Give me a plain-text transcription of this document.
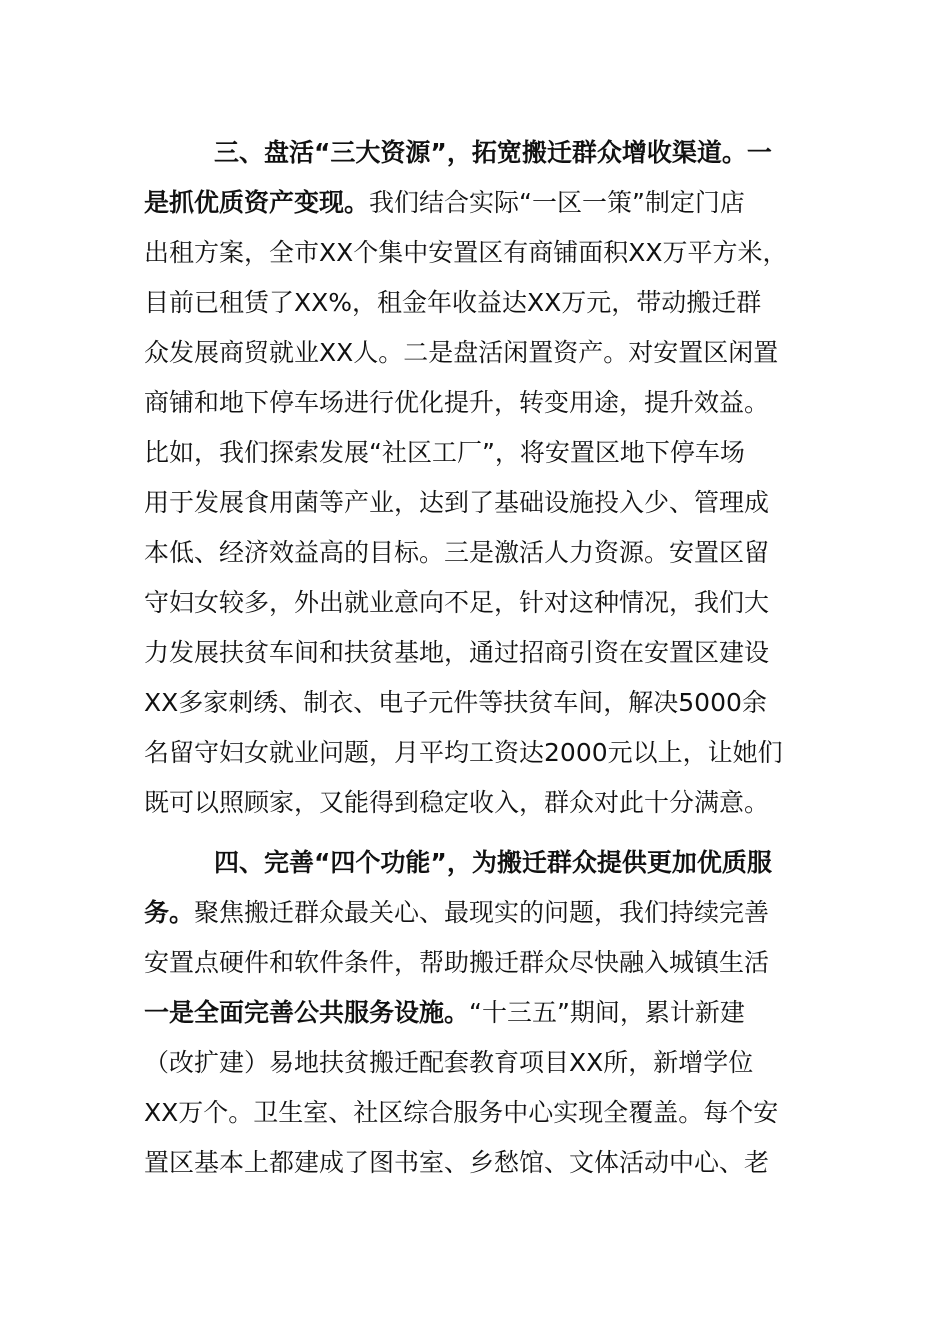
三、盘活“三大资源”，拓宽搬迁群众增收渠道。一
是抓优质资产变现。我们结合实际“一区一策”制定门店
出租方案，全市XX个集中安置区有商铺面积XX万平方米，
目前已租赁了XX%，租金年收益达XX万元，带动搬迁群
众发展商贸就业XX人。二是盘活闲置资产。对安置区闲置
商铺和地下停车场进行优化提升，转变用途，提升效益。
比如，我们探索发展“社区工厂”，将安置区地下停车场
用于发展食用菌等产业，达到了基础设施投入少、管理成
本低、经济效益高的目标。三是激活人力资源。安置区留
守妇女较多，外出就业意向不足，针对这种情况，我们大
力发展扶贫车间和扶贫基地，通过招商引资在安置区建设
XX多家刺绣、制衣、电子元件等扶贫车间，解决5000余
名留守妇女就业问题，月平均工资达2000元以上，让她们
既可以照顾家，又能得到稳定收入，群众对此十分满意。
四、完善“四个功能”，为搬迁群众提供更加优质服
务。聚焦搬迁群众最关心、最现实的问题，我们持续完善
安置点硬件和软件条件，帮助搬迁群众尽快融入城镇生活
一是全面完善公共服务设施。“十三五”期间，累计新建
（改扩建）易地扶贫搬迁配套教育项目XX所，新增学位
XX万个。卫生室、社区综合服务中心实现全覆盖。每个安
置区基本上都建成了图书室、乡愁馆、文体活动中心、老
